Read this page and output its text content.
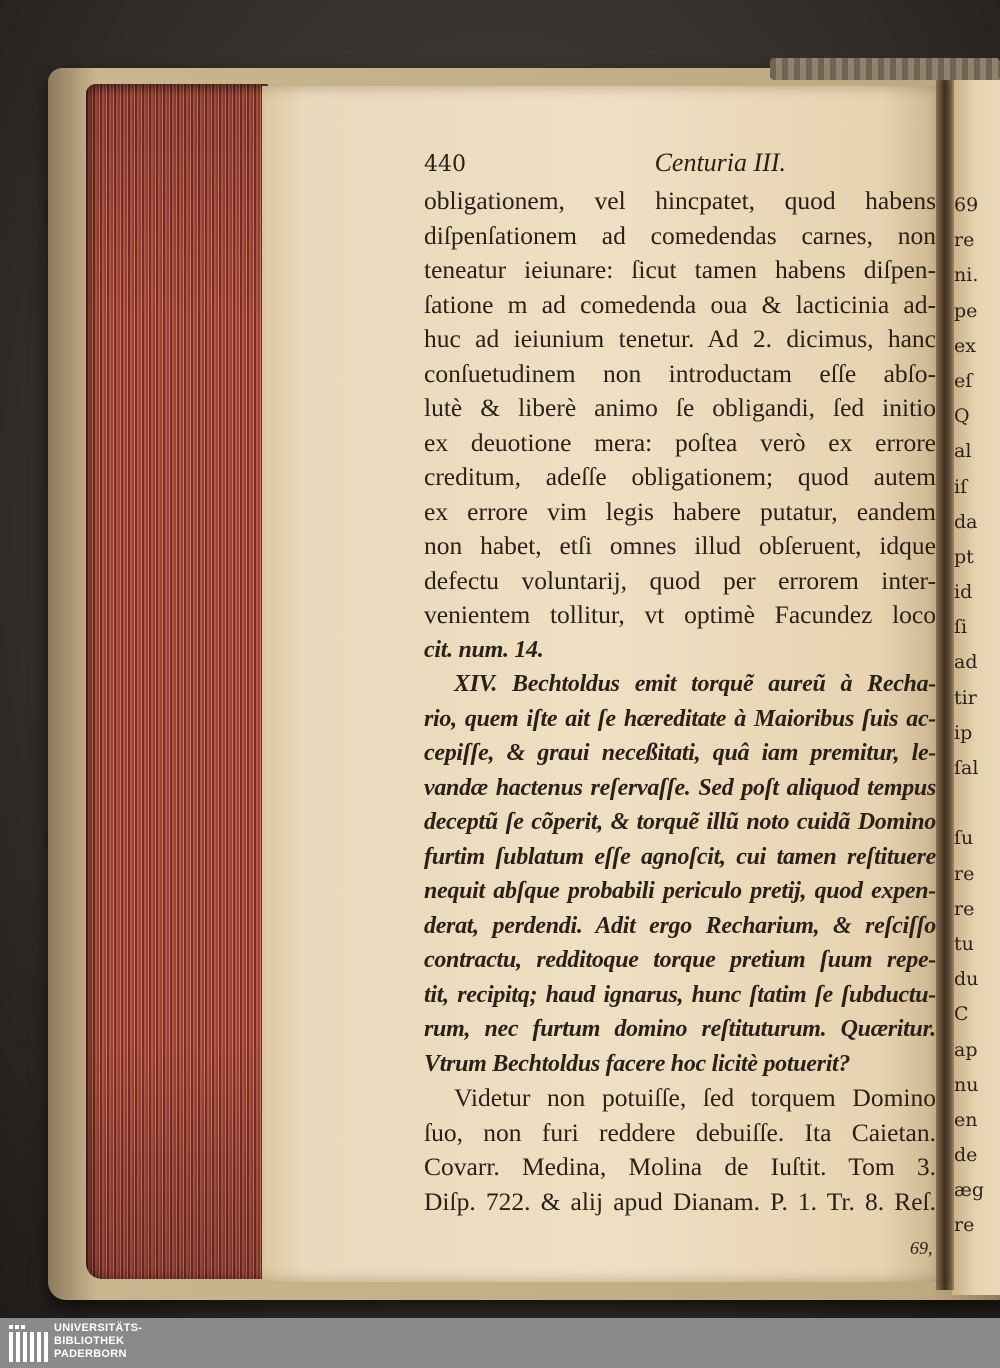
69
re
ni.
pe
ex
eſ
Q
al
iſ
da
pt
id
ſi
ad
tir
ip
ſal
ſu
re
re
tu
du
C
ap
nu
en
de
æg
re
440	Centuria III.
obligationem, vel hincpatet, quod habens
diſpenſationem ad comedendas carnes, non
teneatur ieiunare: ſicut tamen habens diſpen-
ſatione m ad comedenda oua & lacticinia ad-
huc ad ieiunium tenetur. Ad 2. dicimus, hanc
conſuetudinem non introductam eſſe abſo-
lutè & liberè animo ſe obligandi, ſed initio
ex deuotione mera: poſtea verò ex errore
creditum, adeſſe obligationem; quod autem
ex errore vim legis habere putatur, eandem
non habet, etſi omnes illud obſeruent, idque
defectu voluntarij, quod per errorem inter-
venientem tollitur, vt optimè Facundez loco
cit. num. 14.
XIV. Bechtoldus emit torquẽ aureũ à Recha-
rio, quem iſte ait ſe hæreditate à Maioribus ſuis ac-
cepiſſe, & graui neceßitati, quâ iam premitur, le-
vandæ hactenus reſervaſſe. Sed poſt aliquod tempus
deceptũ ſe cõperit, & torquẽ illũ noto cuidã Domino
furtim ſublatum eſſe agnoſcit, cui tamen reſtituere
nequit abſque probabili periculo pretij, quod expen-
derat, perdendi. Adit ergo Recharium, & reſciſſo
contractu, redditoque torque pretium ſuum repe-
tit, recipitq; haud ignarus, hunc ſtatim ſe ſubductu-
rum, nec furtum domino reſtituturum. Quæritur.
Vtrum Bechtoldus facere hoc licitè potuerit?
Videtur non potuiſſe, ſed torquem Domino
ſuo, non furi reddere debuiſſe. Ita Caietan.
Covarr. Medina, Molina de Iuſtit. Tom 3.
Diſp. 722. & alij apud Dianam. P. 1. Tr. 8. Reſ.
69,
UNIVERSITÄTS-
BIBLIOTHEK
PADERBORN
